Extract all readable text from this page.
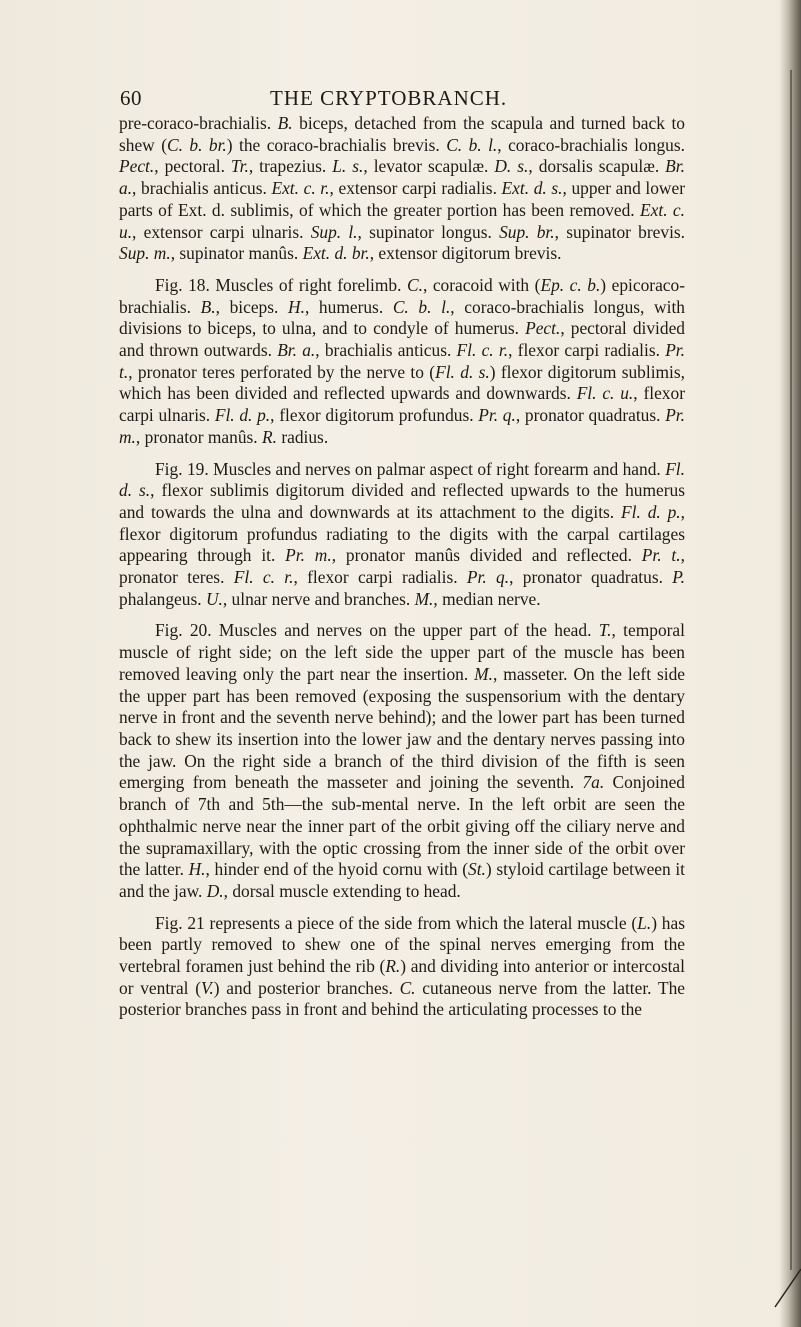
60	THE CRYPTOBRANCH.

pre-coraco-brachialis. B. biceps, detached from the scapula and turned back to shew (C. b. br.) the coraco-brachialis brevis. C. b. l., coraco-brachialis longus. Pect., pectoral. Tr., trapezius. L. s., levator scapulæ. D. s., dorsalis scapulæ. Br. a., brachialis anticus. Ext. c. r., extensor carpi radialis. Ext. d. s., upper and lower parts of Ext. d. sublimis, of which the greater portion has been removed. Ext. c. u., extensor carpi ulnaris. Sup. l., supinator longus. Sup. br., supinator brevis. Sup. m., supinator manûs. Ext. d. br., extensor digitorum brevis.

Fig. 18. Muscles of right forelimb. C., coracoid with (Ep. c. b.) epicoraco-brachialis. B., biceps. H., humerus. C. b. l., coraco-brachialis longus, with divisions to biceps, to ulna, and to condyle of humerus. Pect., pectoral divided and thrown outwards. Br. a., brachialis anticus. Fl. c. r., flexor carpi radialis. Pr. t., pronator teres perforated by the nerve to (Fl. d. s.) flexor digitorum sublimis, which has been divided and reflected upwards and downwards. Fl. c. u., flexor carpi ulnaris. Fl. d. p., flexor digitorum profundus. Pr. q., pronator quadratus. Pr. m., pronator manûs. R. radius.

Fig. 19. Muscles and nerves on palmar aspect of right forearm and hand. Fl. d. s., flexor sublimis digitorum divided and reflected upwards to the humerus and towards the ulna and downwards at its attachment to the digits. Fl. d. p., flexor digitorum profundus radiating to the digits with the carpal cartilages appearing through it. Pr. m., pronator manûs divided and reflected. Pr. t., pronator teres. Fl. c. r., flexor carpi radialis. Pr. q., pronator quadratus. P. phalangeus. U., ulnar nerve and branches. M., median nerve.

Fig. 20. Muscles and nerves on the upper part of the head. T., temporal muscle of right side; on the left side the upper part of the muscle has been removed leaving only the part near the insertion. M., masseter. On the left side the upper part has been removed (exposing the suspensorium with the dentary nerve in front and the seventh nerve behind); and the lower part has been turned back to shew its insertion into the lower jaw and the dentary nerves passing into the jaw. On the right side a branch of the third division of the fifth is seen emerging from beneath the masseter and joining the seventh. 7a. Conjoined branch of 7th and 5th—the sub-mental nerve. In the left orbit are seen the ophthalmic nerve near the inner part of the orbit giving off the ciliary nerve and the supramaxillary, with the optic crossing from the inner side of the orbit over the latter. H., hinder end of the hyoid cornu with (St.) styloid cartilage between it and the jaw. D., dorsal muscle extending to head.

Fig. 21 represents a piece of the side from which the lateral muscle (L.) has been partly removed to shew one of the spinal nerves emerging from the vertebral foramen just behind the rib (R.) and dividing into anterior or intercostal or ventral (V.) and posterior branches. C. cutaneous nerve from the latter. The posterior branches pass in front and behind the articulating processes to the
